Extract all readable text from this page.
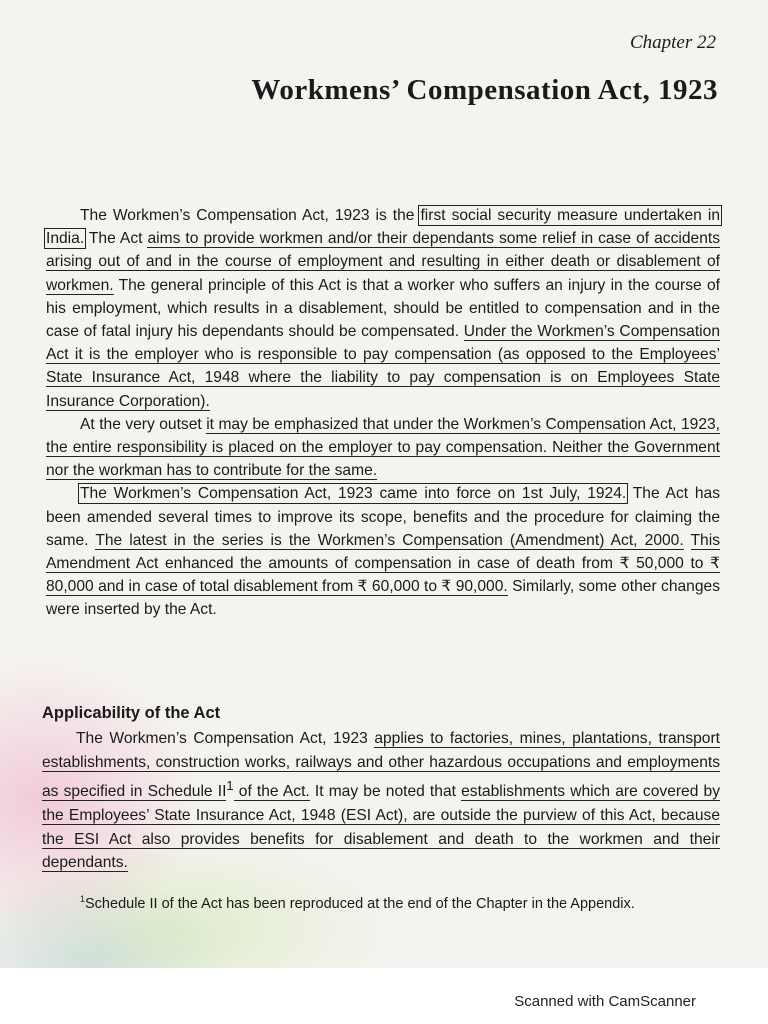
Chapter 22
Workmens’ Compensation Act, 1923

The Workmen’s Compensation Act, 1923 is the first social security measure undertaken in India. The Act aims to provide workmen and/or their dependants some relief in case of accidents arising out of and in the course of employment and resulting in either death or disablement of workmen. The general principle of this Act is that a worker who suffers an injury in the course of his employment, which results in a disablement, should be entitled to compensation and in the case of fatal injury his dependants should be compensated. Under the Workmen’s Compensation Act it is the employer who is responsible to pay compensation (as opposed to the Employees’ State Insurance Act, 1948 where the liability to pay compensation is on Employees State Insurance Corporation).

At the very outset it may be emphasized that under the Workmen’s Compensation Act, 1923, the entire responsibility is placed on the employer to pay compensation. Neither the Government nor the workman has to contribute for the same.

The Workmen’s Compensation Act, 1923 came into force on 1st July, 1924. The Act has been amended several times to improve its scope, benefits and the procedure for claiming the same. The latest in the series is the Workmen’s Compensation (Amendment) Act, 2000. This Amendment Act enhanced the amounts of compensation in case of death from ₹ 50,000 to ₹ 80,000 and in case of total disablement from ₹ 60,000 to ₹ 90,000. Similarly, some other changes were inserted by the Act.

Applicability of the Act

The Workmen’s Compensation Act, 1923 applies to factories, mines, plantations, transport establishments, construction works, railways and other hazardous occupations and employments as specified in Schedule $II^1$ of the Act. It may be noted that establishments which are covered by the Employees’ State Insurance Act, 1948 (ESI Act), are outside the purview of this Act, because the ESI Act also provides benefits for disablement and death to the workmen and their dependants.

$^1$Schedule II of the Act has been reproduced at the end of the Chapter in the Appendix.
Scanned with CamScanner
